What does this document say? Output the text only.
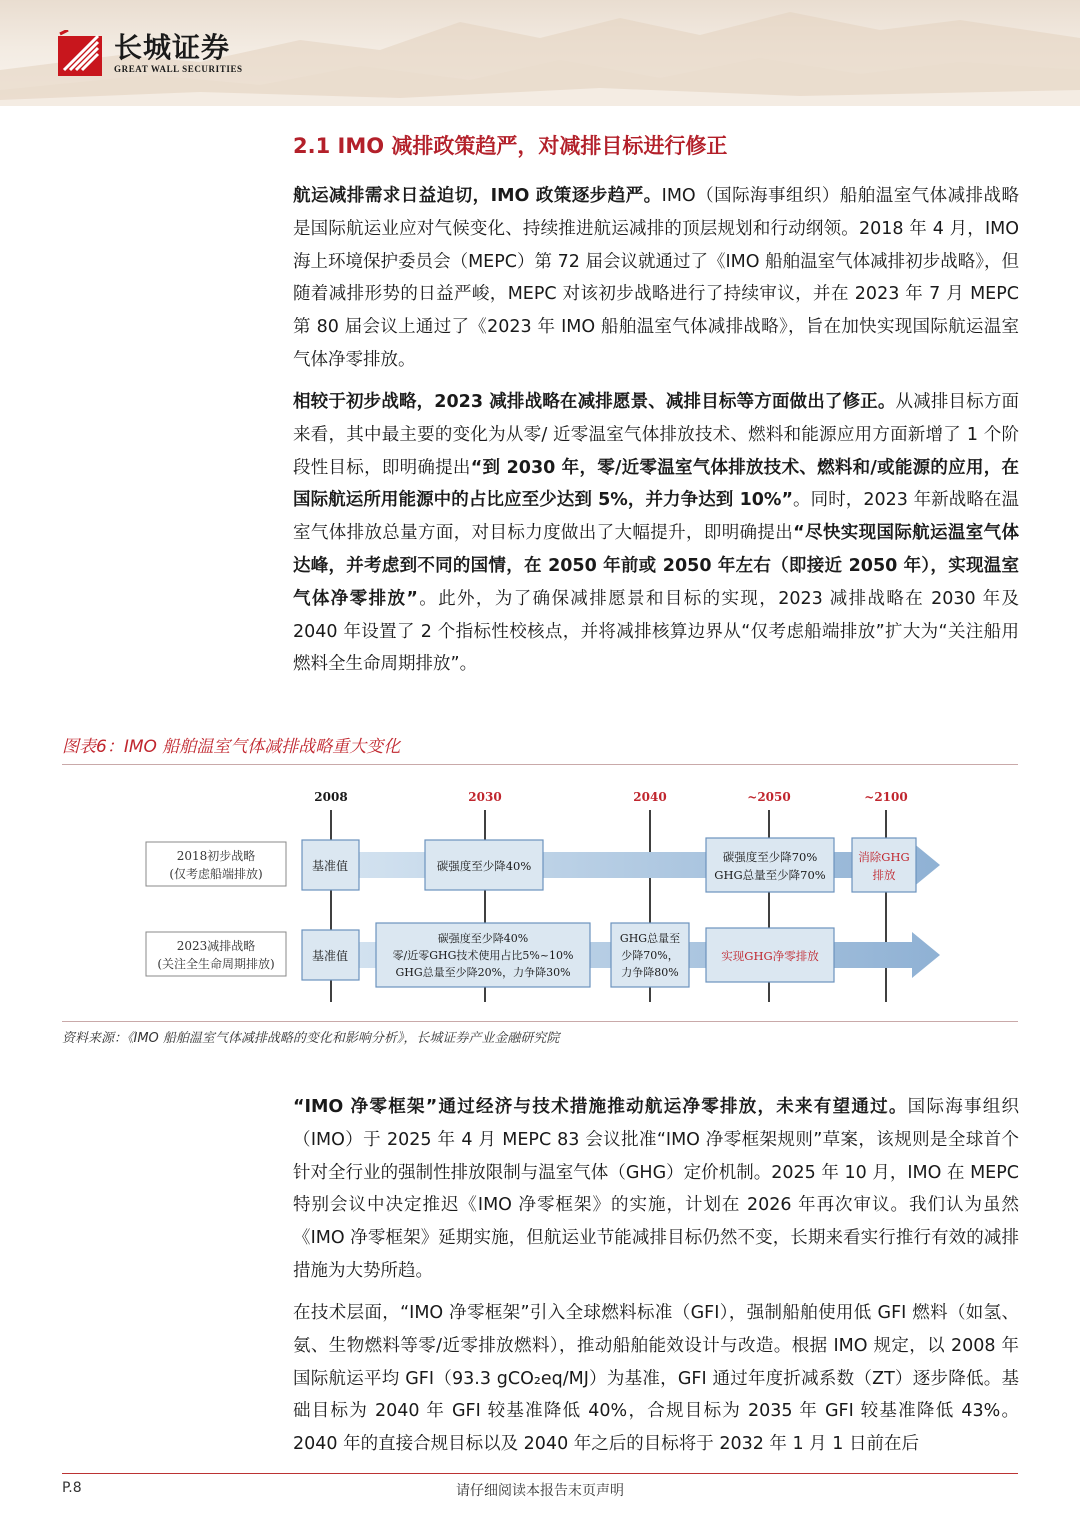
长城证券
GREAT WALL SECURITIES
2.1 IMO 减排政策趋严，对减排目标进行修正
航运减排需求日益迫切，IMO 政策逐步趋严。IMO（国际海事组织）船舶温室气体减排战略是国际航运业应对气候变化、持续推进航运减排的顶层规划和行动纲领。2018 年 4 月，IMO 海上环境保护委员会（MEPC）第 72 届会议就通过了《IMO 船舶温室气体减排初步战略》，但随着减排形势的日益严峻，MEPC 对该初步战略进行了持续审议，并在 2023 年 7 月 MEPC 第 80 届会议上通过了《2023 年 IMO 船舶温室气体减排战略》，旨在加快实现国际航运温室气体净零排放。
相较于初步战略，2023 减排战略在减排愿景、减排目标等方面做出了修正。从减排目标方面来看，其中最主要的变化为从零/ 近零温室气体排放技术、燃料和能源应用方面新增了 1 个阶段性目标，即明确提出“到 2030 年，零/近零温室气体排放技术、燃料和/或能源的应用，在国际航运所用能源中的占比应至少达到 5%，并力争达到 10%”。同时，2023 年新战略在温室气体排放总量方面，对目标力度做出了大幅提升，即明确提出“尽快实现国际航运温室气体达峰，并考虑到不同的国情，在 2050 年前或 2050 年左右（即接近 2050 年），实现温室气体净零排放”。此外，为了确保减排愿景和目标的实现，2023 减排战略在 2030 年及 2040 年设置了 2 个指标性校核点，并将减排核算边界从“仅考虑船端排放”扩大为“关注船用燃料全生命周期排放”。
图表6：IMO 船舶温室气体减排战略重大变化
2008	2030	2040	~2050	~2100
2018初步战略
(仅考虑船端排放)
基准值	碳强度至少降40%
碳强度至少降70%
GHG总量至少降70%
消除GHG
排放
2023减排战略
(关注全生命周期排放)
基准值
碳强度至少降40%
零/近零GHG技术使用占比5%~10%
GHG总量至少降20%，力争降30%
GHG总量至
少降70%，
力争降80%
实现GHG净零排放
资料来源：《IMO 船舶温室气体减排战略的变化和影响分析》，长城证券产业金融研究院
“IMO 净零框架”通过经济与技术措施推动航运净零排放，未来有望通过。国际海事组织（IMO）于 2025 年 4 月 MEPC 83 会议批准“IMO 净零框架规则”草案，该规则是全球首个针对全行业的强制性排放限制与温室气体（GHG）定价机制。2025 年 10 月，IMO 在 MEPC 特别会议中决定推迟《IMO 净零框架》的实施，计划在 2026 年再次审议。我们认为虽然《IMO 净零框架》延期实施，但航运业节能减排目标仍然不变，长期来看实行推行有效的减排措施为大势所趋。
在技术层面，“IMO 净零框架”引入全球燃料标准（GFI），强制船舶使用低 GFI 燃料（如氢、氨、生物燃料等零/近零排放燃料），推动船舶能效设计与改造。根据 IMO 规定，以 2008 年国际航运平均 GFI（93.3 gCO₂eq/MJ）为基准，GFI 通过年度折减系数（ZT）逐步降低。基础目标为 2040 年 GFI 较基准降低 40%，合规目标为 2035 年 GFI 较基准降低 43%。2040 年的直接合规目标以及 2040 年之后的目标将于 2032 年 1 月 1 日前在后
请仔细阅读本报告末页声明
P.8
